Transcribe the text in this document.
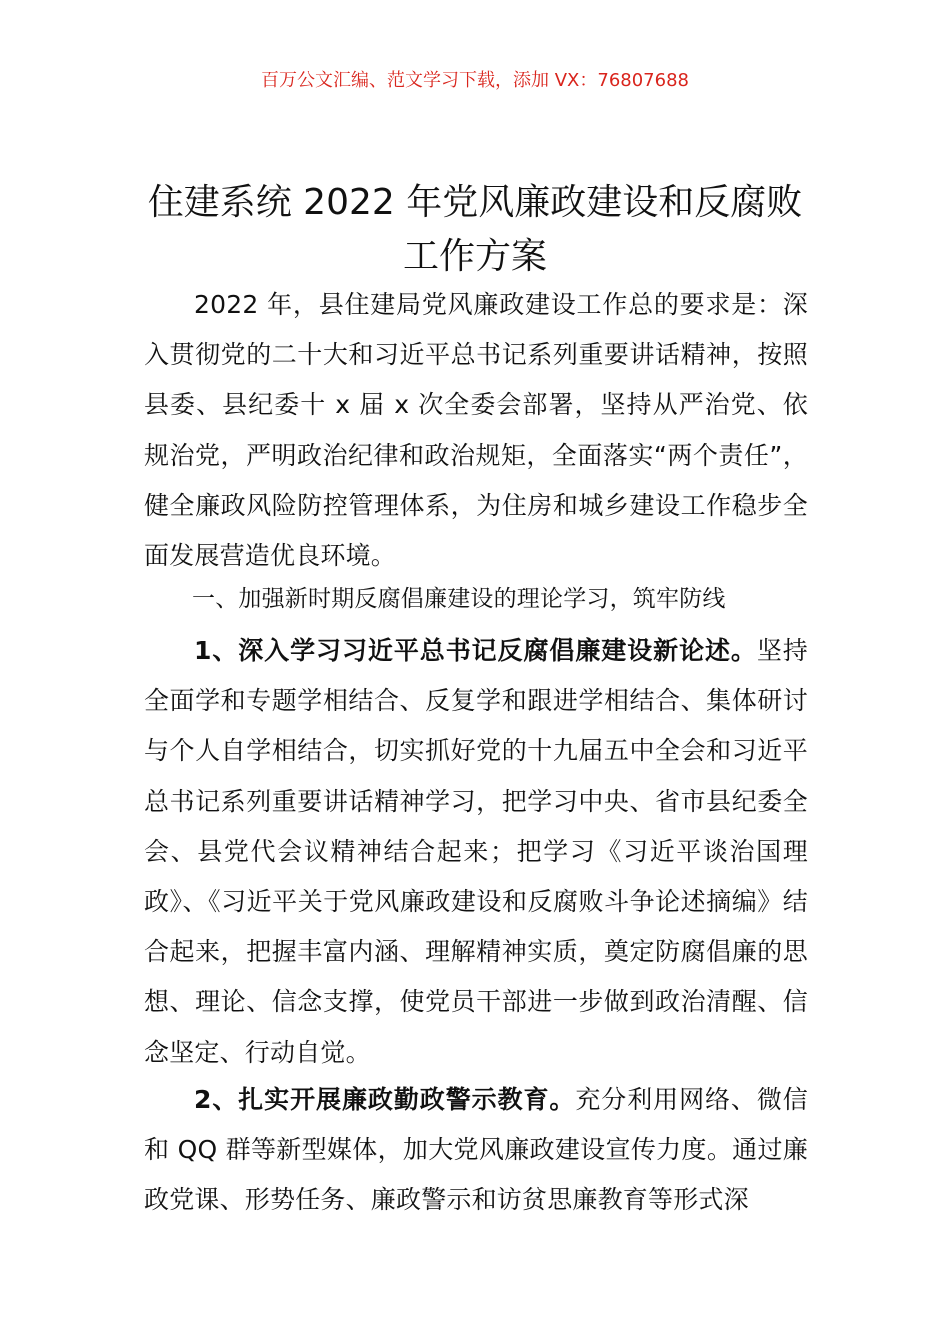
百万公文汇编、范文学习下载，添加 VX：76807688
住建系统 2022 年党风廉政建设和反腐败
工作方案

2022 年，县住建局党风廉政建设工作总的要求是：深入贯彻党的二十大和习近平总书记系列重要讲话精神，按照县委、县纪委十 x 届 x 次全委会部署，坚持从严治党、依规治党，严明政治纪律和政治规矩，全面落实“两个责任”，健全廉政风险防控管理体系，为住房和城乡建设工作稳步全面发展营造优良环境。

一、加强新时期反腐倡廉建设的理论学习，筑牢防线

1、深入学习习近平总书记反腐倡廉建设新论述。坚持全面学和专题学相结合、反复学和跟进学相结合、集体研讨与个人自学相结合，切实抓好党的十九届五中全会和习近平总书记系列重要讲话精神学习，把学习中央、省市县纪委全会、县党代会议精神结合起来；把学习《习近平谈治国理政》、《习近平关于党风廉政建设和反腐败斗争论述摘编》结合起来，把握丰富内涵、理解精神实质，奠定防腐倡廉的思想、理论、信念支撑，使党员干部进一步做到政治清醒、信念坚定、行动自觉。

2、扎实开展廉政勤政警示教育。充分利用网络、微信和 QQ 群等新型媒体，加大党风廉政建设宣传力度。通过廉政党课、形势任务、廉政警示和访贫思廉教育等形式深
